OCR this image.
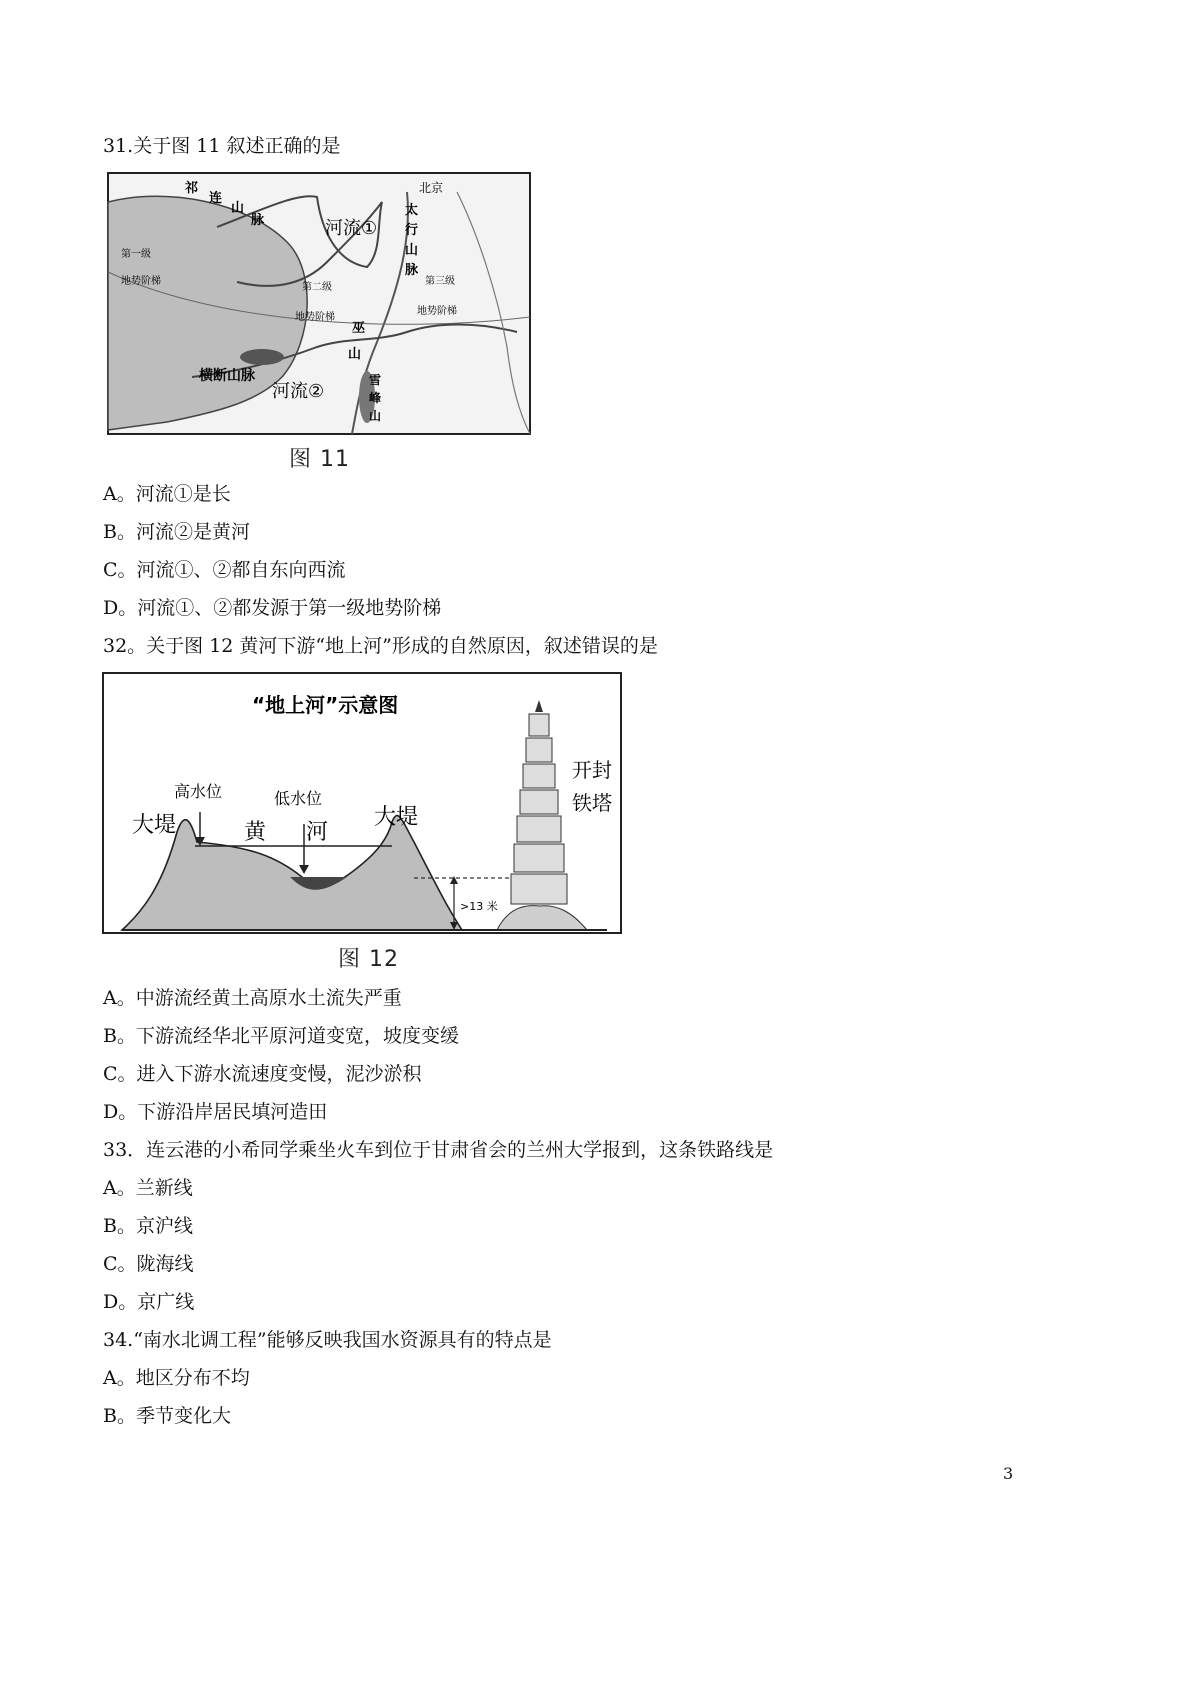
31.关于图 11 叙述正确的是
祁
连
山
脉
北京
太
行
山
脉
河流①
河流②
第一级
地势阶梯
第二级
地势阶梯
第三级
地势阶梯
巫
山
横断山脉	雪
峰
山
图 11
A。河流①是长
B。河流②是黄河
C。河流①、②都自东向西流
D。河流①、②都发源于第一级地势阶梯
32。关于图 12 黄河下游“地上河”形成的自然原因，叙述错误的是
“地上河”示意图
>13 米
高水位	低水位
大堤	大堤
黄 河
开封
铁塔
图 12
A。中游流经黄土高原水土流失严重
B。下游流经华北平原河道变宽，坡度变缓
C。进入下游水流速度变慢，泥沙淤积
D。下游沿岸居民填河造田
33．连云港的小希同学乘坐火车到位于甘肃省会的兰州大学报到，这条铁路线是
A。兰新线
B。京沪线
C。陇海线
D。京广线
34.“南水北调工程”能够反映我国水资源具有的特点是
A。地区分布不均
B。季节变化大
3
